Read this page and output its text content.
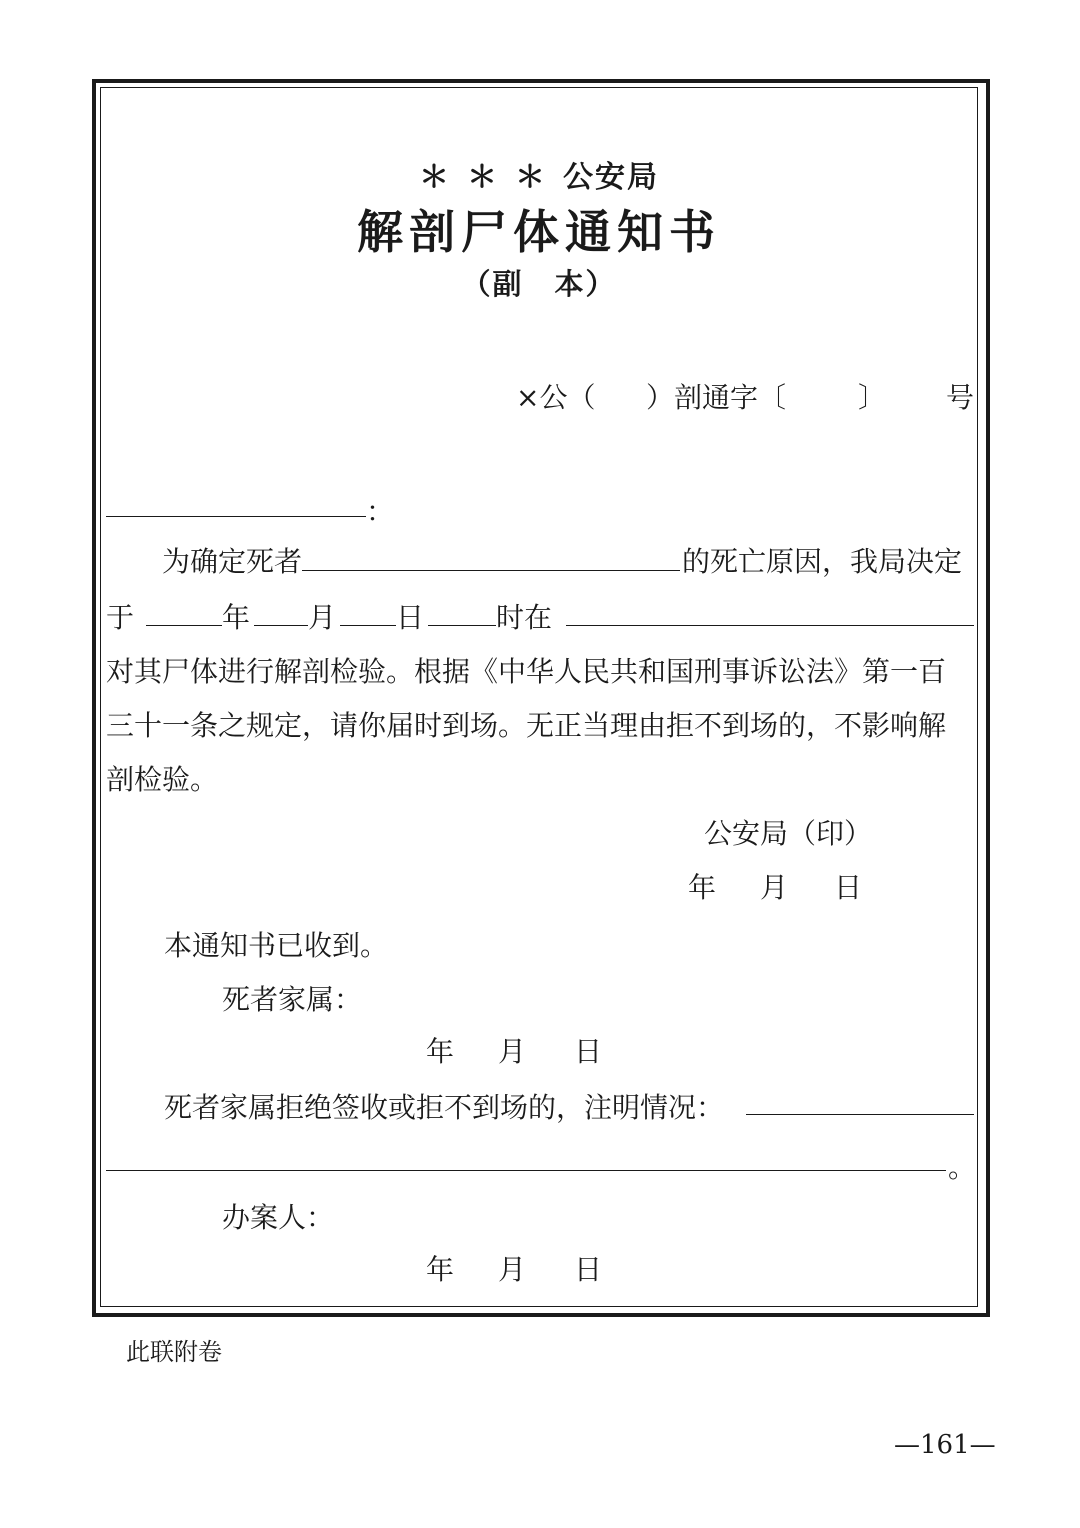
＊＊＊公安局
解剖尸体通知书
（副　本）
×公（ ）剖通字〔	〕 号
：
为确定死者	的死亡原因，我局决定
于	年 月 日	时在
对其尸体进行解剖检验。根据《中华人民共和国刑事诉讼法》第一百
三十一条之规定，请你届时到场。无正当理由拒不到场的，不影响解
剖检验。
公安局（印）
年 月 日
本通知书已收到。
死者家属：
年 月 日
死者家属拒绝签收或拒不到场的，注明情况：
。
办案人：
年 月 日
此联附卷
—161—
